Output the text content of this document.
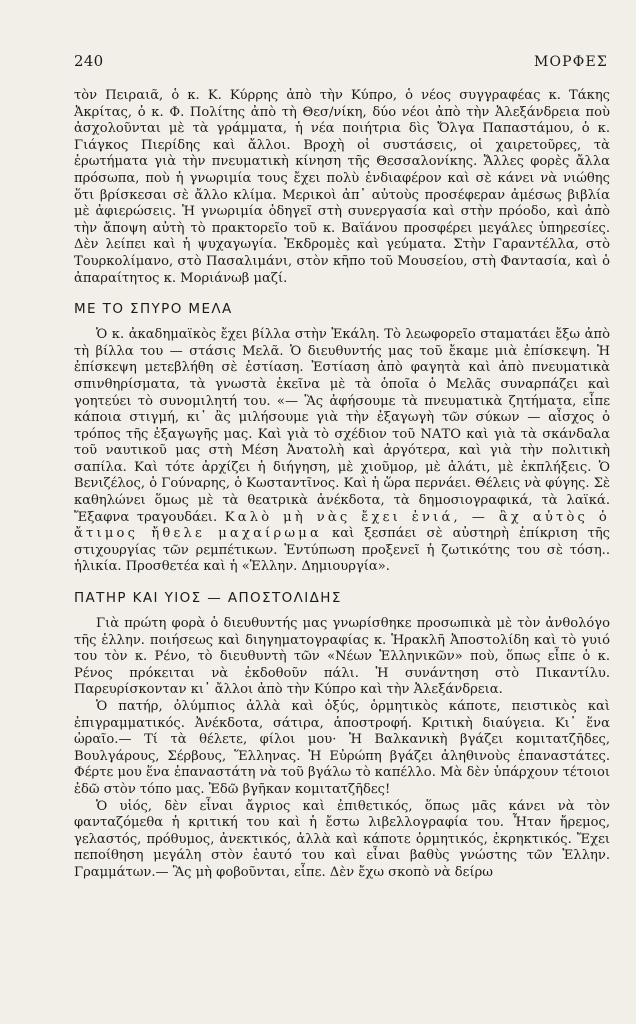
240	ΜΟΡΦΕΣ

τὸν Πειραιᾶ, ὁ κ. Κ. Κύρρης ἀπὸ τὴν Κύπρο, ὁ νέος συγγραφέας κ. Τάκης Ἀκρίτας, ὁ κ. Φ. Πολίτης ἀπὸ τὴ Θεσ/νίκη, δύο νέοι ἀπὸ τὴν Ἀλεξάνδρεια ποὺ ἀσχολοῦνται μὲ τὰ γράμματα, ἡ νέα ποιήτρια δὶς Ὄλγα Παπαστάμου, ὁ κ. Γιάγκος Πιερίδης καὶ ἄλλοι. Βροχὴ οἱ συστάσεις, οἱ χαιρετοῦρες, τὰ ἐρωτήματα γιὰ τὴν πνευματικὴ κίνηση τῆς Θεσσαλονίκης. Ἄλλες φορὲς ἄλλα πρόσωπα, ποὺ ἡ γνωριμία τους ἔχει πολὺ ἐνδιαφέρον καὶ σὲ κάνει νὰ νιώθης ὅτι βρίσκεσαι σὲ ἄλλο κλίμα. Μερικοὶ ἀπ᾿ αὐτοὺς προσέφεραν ἀμέσως βιβλία μὲ ἀφιερώσεις. Ἡ γνωριμία ὁδηγεῖ στὴ συνεργασία καὶ στὴν πρόοδο, καὶ ἀπὸ τὴν ἄποψη αὐτὴ τὸ πρακτορεῖο τοῦ κ. Βαϊάνου προσφέρει μεγάλες ὑπηρεσίες. Δὲν λείπει καὶ ἡ ψυχαγωγία. Ἐκδρομὲς καὶ γεύματα. Στὴν Γαραντέλλα, στὸ Τουρκολίμανο, στὸ Πασαλιμάνι, στὸν κῆπο τοῦ Μουσείου, στὴ Φαντασία, καὶ ὁ ἀπαραίτητος κ. Μοριάνωβ μαζί.

ΜΕ ΤΟ ΣΠΥΡΟ ΜΕΛΑ

Ὁ κ. ἀκαδημαϊκὸς ἔχει βίλλα στὴν Ἑκάλη. Τὸ λεωφορεῖο σταματάει ἔξω ἀπὸ τὴ βίλλα του — στάσις Μελᾶ. Ὁ διευθυντής μας τοῦ ἔκαμε μιὰ ἐπίσκεψη. Ἡ ἐπίσκεψη μετεβλήθη σὲ ἑστίαση. Ἑστίαση ἀπὸ φαγητὰ καὶ ἀπὸ πνευματικὰ σπινθηρίσματα, τὰ γνωστὰ ἐκεῖνα μὲ τὰ ὁποῖα ὁ Μελᾶς συναρπάζει καὶ γοητεύει τὸ συνομιλητή του. «— Ἂς ἀφήσουμε τὰ πνευματικὰ ζητήματα, εἶπε κάποια στιγμή, κι᾿ ἂς μιλήσουμε γιὰ τὴν ἐξαγωγὴ τῶν σύκων — αἶσχος ὁ τρόπος τῆς ἐξαγωγῆς μας. Καὶ γιὰ τὸ σχέδιον τοῦ ΝΑΤΟ καὶ γιὰ τὰ σκάνδαλα τοῦ ναυτικοῦ μας στὴ Μέση Ἀνατολὴ καὶ ἀργότερα, καὶ γιὰ τὴν πολιτικὴ σαπίλα. Καὶ τότε ἀρχίζει ἡ διήγηση, μὲ χιοῦμορ, μὲ ἀλάτι, μὲ ἐκπλήξεις. Ὁ Βενιζέλος, ὁ Γούναρης, ὁ Κωσταντῖνος. Καὶ ἡ ὥρα περνάει. Θέλεις νὰ φύγης. Σὲ καθηλώνει ὅμως μὲ τὰ θεατρικὰ ἀνέκδοτα, τὰ δημοσιογραφικά, τὰ λαϊκά. Ἔξαφνα τραγουδάει. Καλὸ μὴ νὰς ἔχει ἐνιά, — ἂχ αὐτὸς ὁ ἄτιμος ἤθελε μαχαίρωμα καὶ ξεσπάει σὲ αὐστηρὴ ἐπίκριση τῆς στιχουργίας τῶν ρεμπέτικων. Ἐντύπωση προξενεῖ ἡ ζωτικότης του σὲ τόση.. ἡλικία. Προσθετέα καὶ ἡ «Ἑλλην. Δημιουργία».

ΠΑΤΗΡ ΚΑΙ ΥΙΟΣ — ΑΠΟΣΤΟΛΙΔΗΣ

Γιὰ πρώτη φορὰ ὁ διευθυντής μας γνωρίσθηκε προσωπικὰ μὲ τὸν ἀνθολόγο τῆς ἑλλην. ποιήσεως καὶ διηγηματογραφίας κ. Ἡρακλῆ Ἀποστολίδη καὶ τὸ γυιό του τὸν κ. Ρένο, τὸ διευθυντὴ τῶν «Νέων Ἑλληνικῶν» ποὺ, ὅπως εἶπε ὁ κ. Ρένος πρόκειται νὰ ἐκδοθοῦν πάλι. Ἡ συνάντηση στὸ Πικαντίλυ. Παρευρίσκονταν κι᾿ ἄλλοι ἀπὸ τὴν Κύπρο καὶ τὴν Ἀλεξάνδρεια.

Ὁ πατήρ, ὀλύμπιος ἀλλὰ καὶ ὀξύς, ὁρμητικὸς κάποτε, πειστικὸς καὶ ἐπιγραμματικός. Ἀνέκδοτα, σάτιρα, ἀποστροφή. Κριτικὴ διαύγεια. Κι᾿ ἕνα ὡραῖο.— Τί τὰ θέλετε, φίλοι μου· Ἡ Βαλκανικὴ βγάζει κομιτατζῆδες, Βουλγάρους, Σέρβους, Ἕλληνας. Ἡ Εὐρώπη βγάζει ἀληθινοὺς ἐπαναστάτες. Φέρτε μου ἕνα ἐπαναστάτη νὰ τοῦ βγάλω τὸ καπέλλο. Μὰ δὲν ὑπάρχουν τέτοιοι ἐδῶ στὸν τόπο μας. Ἐδῶ βγῆκαν κομιτατζῆδες!

Ὁ υἱός, δὲν εἶναι ἄγριος καὶ ἐπιθετικός, ὅπως μᾶς κάνει νὰ τὸν φανταζόμεθα ἡ κριτική του καὶ ἡ ἔστω λιβελλογραφία του. Ἦταν ἤρεμος, γελαστός, πρόθυμος, ἀνεκτικός, ἀλλὰ καὶ κάποτε ὁρμητικός, ἐκρηκτικός. Ἔχει πεποίθηση μεγάλη στὸν ἑαυτό του καὶ εἶναι βαθὺς γνώστης τῶν Ἑλλην. Γραμμάτων.— Ἂς μὴ φοβοῦνται, εἶπε. Δὲν ἔχω σκοπὸ νὰ δείρω
